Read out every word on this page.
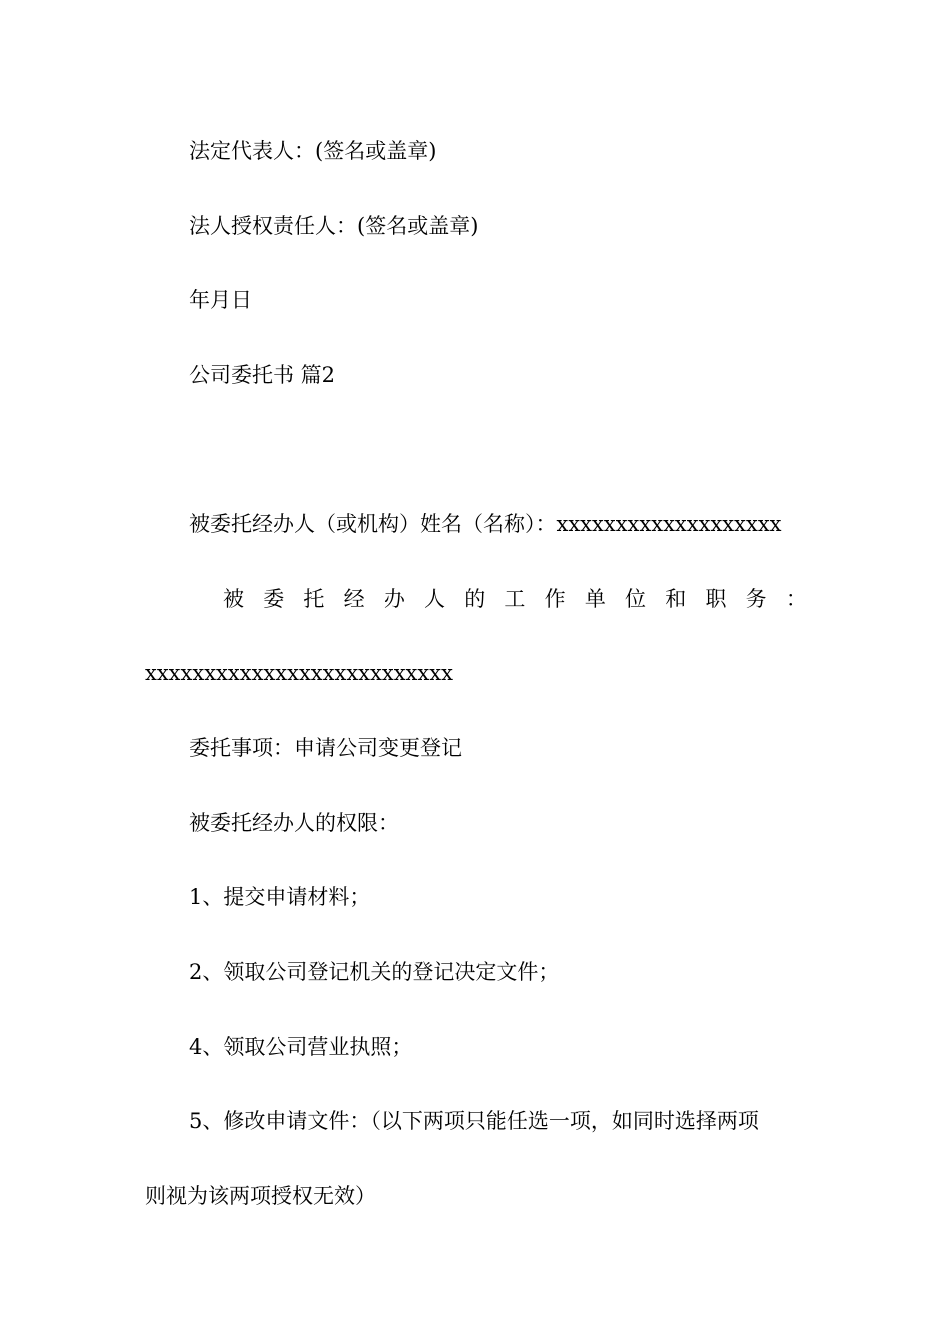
法定代表人：(签名或盖章)
法人授权责任人：(签名或盖章)
年月日
公司委托书 篇2
被委托经办人（或机构）姓名（名称）：xxxxxxxxxxxxxxxxxxx
被 委 托 经 办 人 的 工 作 单 位 和 职 务 ：
xxxxxxxxxxxxxxxxxxxxxxxxxx
委托事项：申请公司变更登记
被委托经办人的权限：
1、提交申请材料；
2、领取公司登记机关的登记决定文件；
4、领取公司营业执照；
5、修改申请文件：（以下两项只能任选一项，如同时选择两项
则视为该两项授权无效）
